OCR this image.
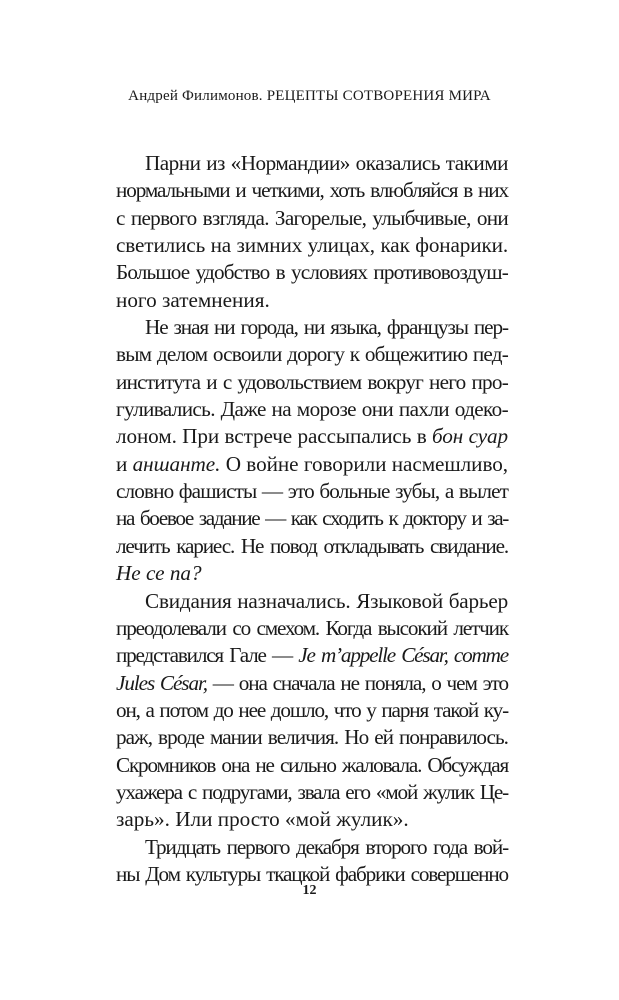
Андрей Филимонов. РЕЦЕПТЫ СОТВОРЕНИЯ МИРА
Парни из «Нормандии» оказались такими
нормальными и четкими, хоть влюбляйся в них
с первого взгляда. Загорелые, улыбчивые, они
светились на зимних улицах, как фонарики.
Большое удобство в условиях противовоздуш-
ного затемнения.
Не зная ни города, ни языка, французы пер-
вым делом освоили дорогу к общежитию пед-
института и с удовольствием вокруг него про-
гуливались. Даже на морозе они пахли одеко-
лоном. При встрече рассыпались в бон суар
и аншанте. О войне говорили насмешливо,
словно фашисты — это больные зубы, а вылет
на боевое задание — как сходить к доктору и за-
лечить кариес. Не повод откладывать свидание.
Не се па?
Свидания назначались. Языковой барьер
преодолевали со смехом. Когда высокий летчик
представился Гале — Je m’appelle César, comme
Jules César, — она сначала не поняла, о чем это
он, а потом до нее дошло, что у парня такой ку-
раж, вроде мании величия. Но ей понравилось.
Скромников она не сильно жаловала. Обсуждая
ухажера с подругами, звала его «мой жулик Це-
зарь». Или просто «мой жулик».
Тридцать первого декабря второго года вой-
ны Дом культуры ткацкой фабрики совершенно
12
